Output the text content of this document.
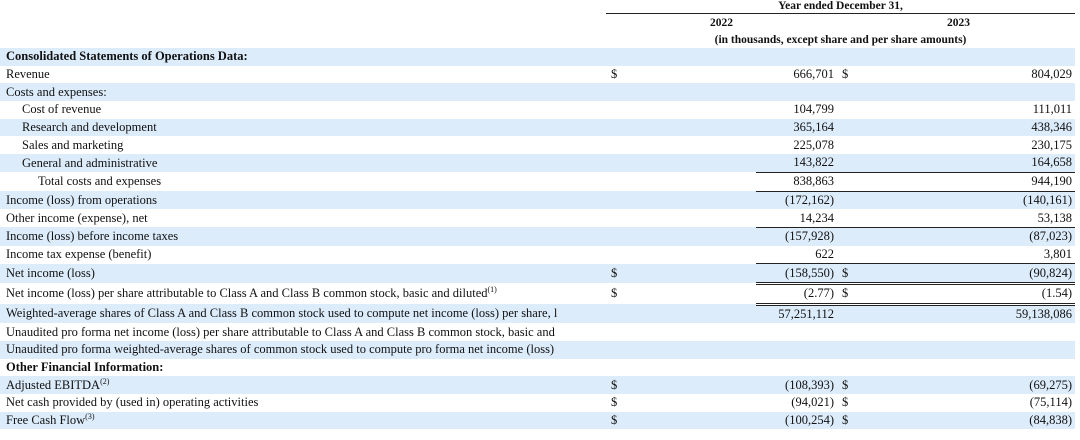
Year ended December 31,
2022	2023
(in thousands, except share and per share amounts)
Consolidated Statements of Operations Data:				
Revenue	$	666,701	$	804,029
Costs and expenses:				
Cost of revenue		104,799		111,011
Research and development		365,164		438,346
Sales and marketing		225,078		230,175
General and administrative		143,822		164,658
Total costs and expenses		838,863		944,190
Income (loss) from operations		(172,162)		(140,161)
Other income (expense), net		14,234		53,138
Income (loss) before income taxes		(157,928)		(87,023)
Income tax expense (benefit)		622		3,801
Net income (loss)	$	(158,550)	$	(90,824)
Net income (loss) per share attributable to Class A and Class B common stock, basic and diluted$^{(1)}$	$	(2.77)	$	(1.54)
Weighted-average shares of Class A and Class B common stock used to compute net income (loss) per share, l		57,251,112		59,138,086
Unaudited pro forma net income (loss) per share attributable to Class A and Class B common stock, basic and				
Unaudited pro forma weighted-average shares of common stock used to compute pro forma net income (loss)				
Other Financial Information:				
Adjusted EBITDA$^{(2)}$	$	(108,393)	$	(69,275)
Net cash provided by (used in) operating activities	$	(94,021)	$	(75,114)
Free Cash Flow$^{(3)}$	$	(100,254)	$	(84,838)
